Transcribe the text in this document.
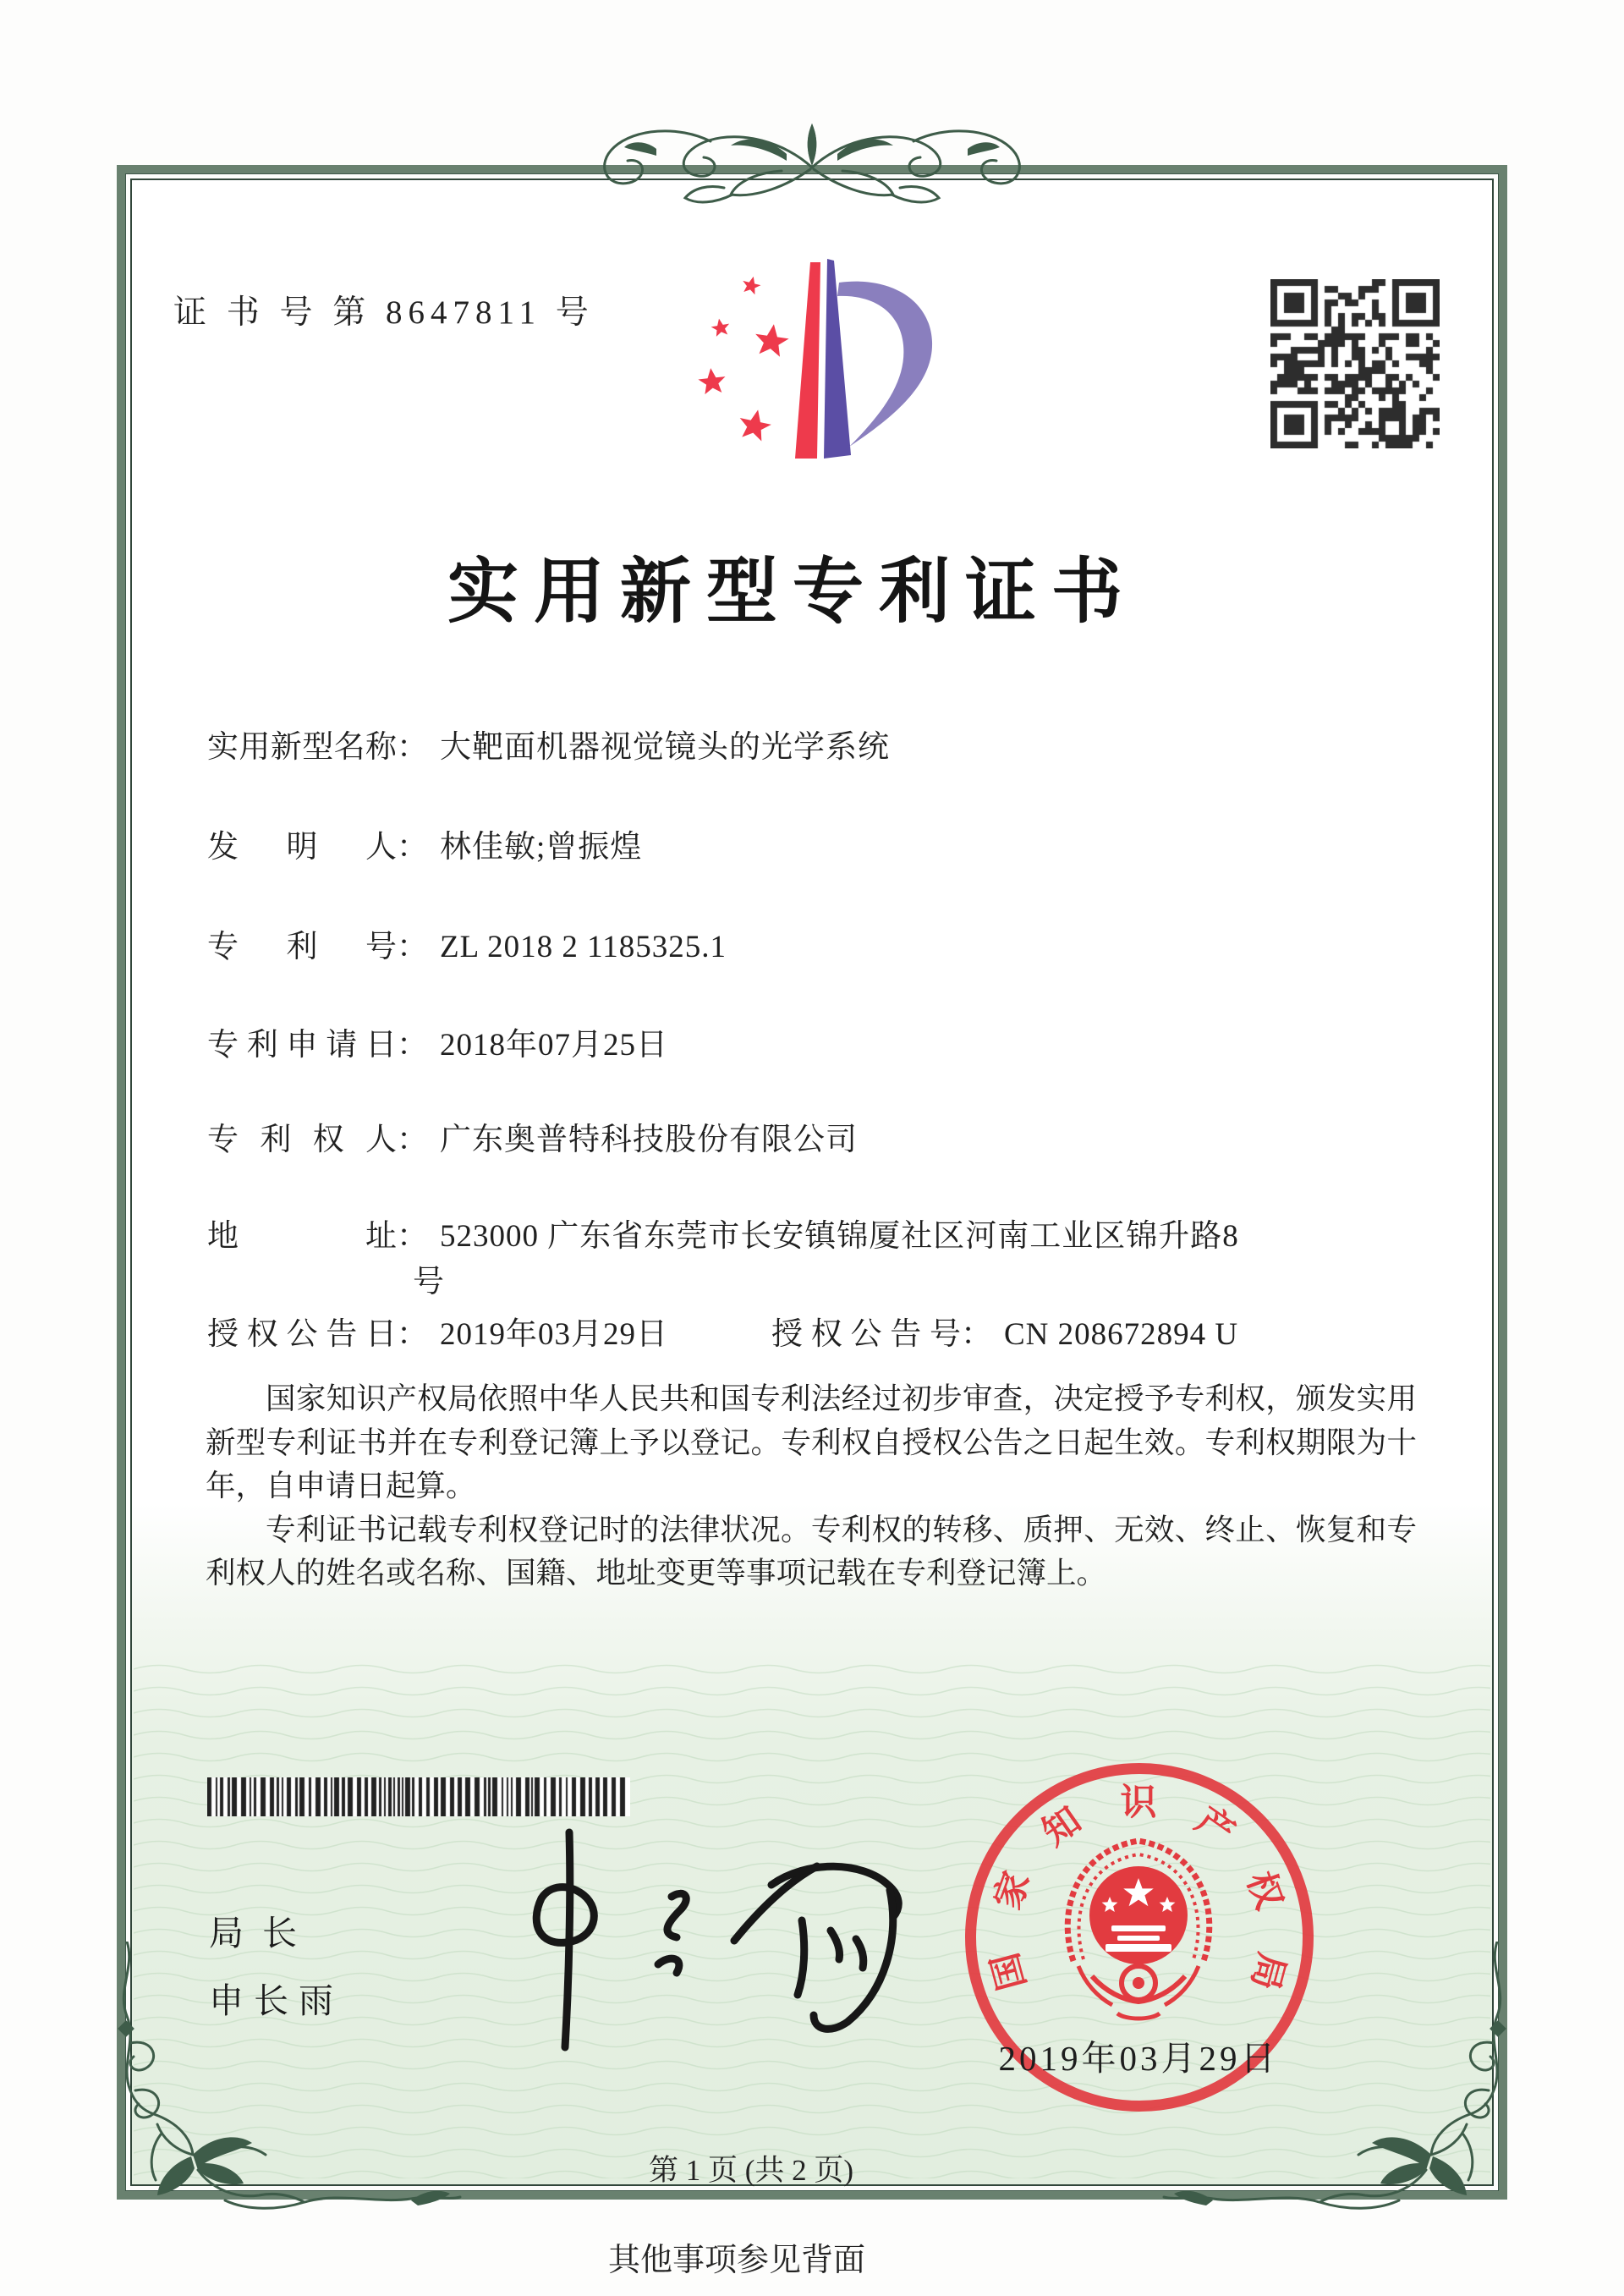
证 书 号 第 8647811 号
实用新型专利证书
实用新型名称： 大靶面机器视觉镜头的光学系统
发明人： 林佳敏;曾振煌
专利号： ZL 2018 2 1185325.1
专利申请日： 2018年07月25日
专利权人： 广东奥普特科技股份有限公司
地址： 523000 广东省东莞市长安镇锦厦社区河南工业区锦升路8
号
授权公告日： 2019年03月29日	授权公告号： CN 208672894 U

国家知识产权局依照中华人民共和国专利法经过初步审查，决定授予专利权，颁发实用新型专利证书并在专利登记簿上予以登记。专利权自授权公告之日起生效。专利权期限为十年，自申请日起算。

专利证书记载专利权登记时的法律状况。专利权的转移、质押、无效、终止、恢复和专利权人的姓名或名称、国籍、地址变更等事项记载在专利登记簿上。

局长
申长雨
国
家
知 识 产
权
局
2019年03月29日
第 1 页 (共 2 页)
其他事项参见背面
